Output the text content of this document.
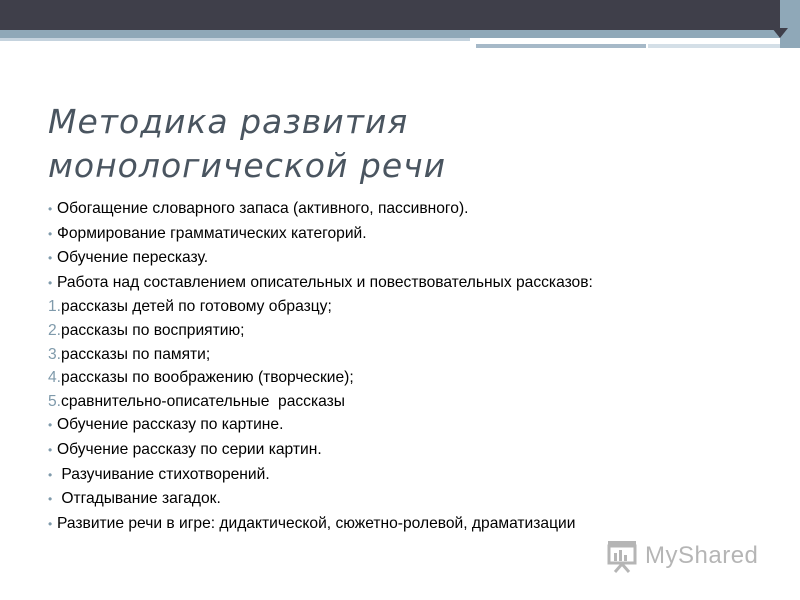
Методика развития
монологической речи
• Обогащение словарного запаса (активного, пассивного).
• Формирование грамматических категорий.
• Обучение пересказу.
• Работа над составлением описательных и повествовательных рассказов:
1. рассказы детей по готовому образцу;
2. рассказы по восприятию;
3. рассказы по памяти;
4. рассказы по воображению (творческие);
5. сравнительно-описательные  рассказы
• Обучение рассказу по картине.
• Обучение рассказу по серии картин.
• Разучивание стихотворений.
• Отгадывание загадок.
• Развитие речи в игре: дидактической, сюжетно-ролевой, драматизации
MyShared
